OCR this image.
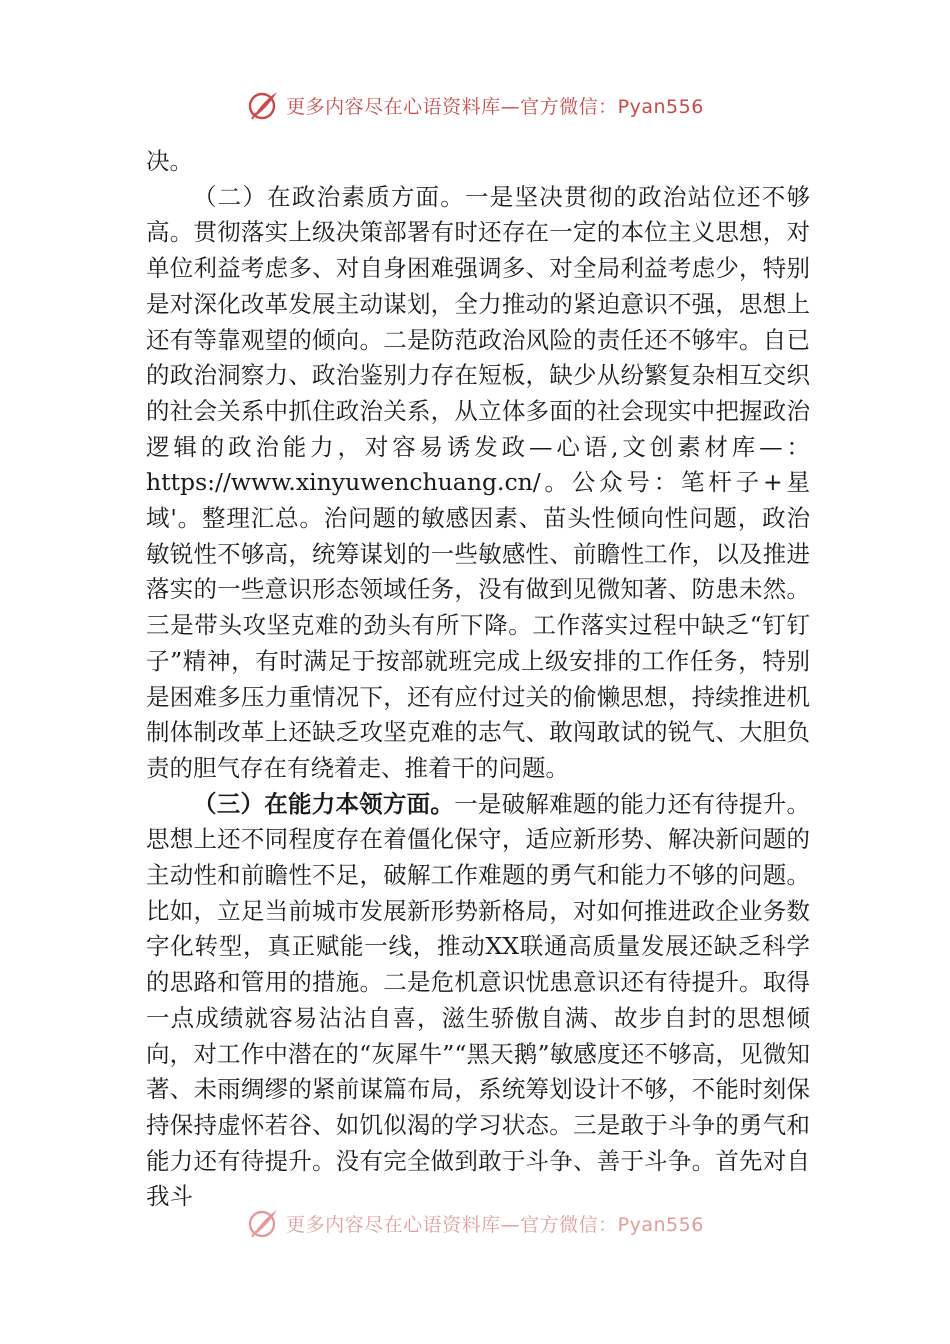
更多内容尽在心语资料库—官方微信：Pyan556

决。

（二）在政治素质方面。一是坚决贯彻的政治站位还不够高。贯彻落实上级决策部署有时还存在一定的本位主义思想，对单位利益考虑多、对自身困难强调多、对全局利益考虑少，特别是对深化改革发展主动谋划，全力推动的紧迫意识不强，思想上还有等靠观望的倾向。二是防范政治风险的责任还不够牢。自已的政治洞察力、政治鉴别力存在短板，缺少从纷繁复杂相互交织的社会关系中抓住政治关系，从立体多面的社会现实中把握政治逻辑的政治能力，对容易诱发政—心语,文创素材库—：https://www.xinyuwenchuang.cn/。公众号：笔杆子+星域'。整理汇总。治问题的敏感因素、苗头性倾向性问题，政治敏锐性不够高，统筹谋划的一些敏感性、前瞻性工作，以及推进落实的一些意识形态领域任务，没有做到见微知著、防患未然。三是带头攻坚克难的劲头有所下降。工作落实过程中缺乏“钉钉子”精神，有时满足于按部就班完成上级安排的工作任务，特别是困难多压力重情况下，还有应付过关的偷懒思想，持续推进机制体制改革上还缺乏攻坚克难的志气、敢闯敢试的锐气、大胆负责的胆气存在有绕着走、推着干的问题。

（三）在能力本领方面。一是破解难题的能力还有待提升。思想上还不同程度存在着僵化保守，适应新形势、解决新问题的主动性和前瞻性不足，破解工作难题的勇气和能力不够的问题。比如，立足当前城市发展新形势新格局，对如何推进政企业务数字化转型，真正赋能一线，推动XX联通高质量发展还缺乏科学的思路和管用的措施。二是危机意识忧患意识还有待提升。取得一点成绩就容易沾沾自喜，滋生骄傲自满、故步自封的思想倾向，对工作中潜在的“灰犀牛”“黑天鹅”敏感度还不够高，见微知著、未雨绸缪的紧前谋篇布局，系统筹划设计不够，不能时刻保持保持虚怀若谷、如饥似渴的学习状态。三是敢于斗争的勇气和能力还有待提升。没有完全做到敢于斗争、善于斗争。首先对自我斗

更多内容尽在心语资料库—官方微信：Pyan556
